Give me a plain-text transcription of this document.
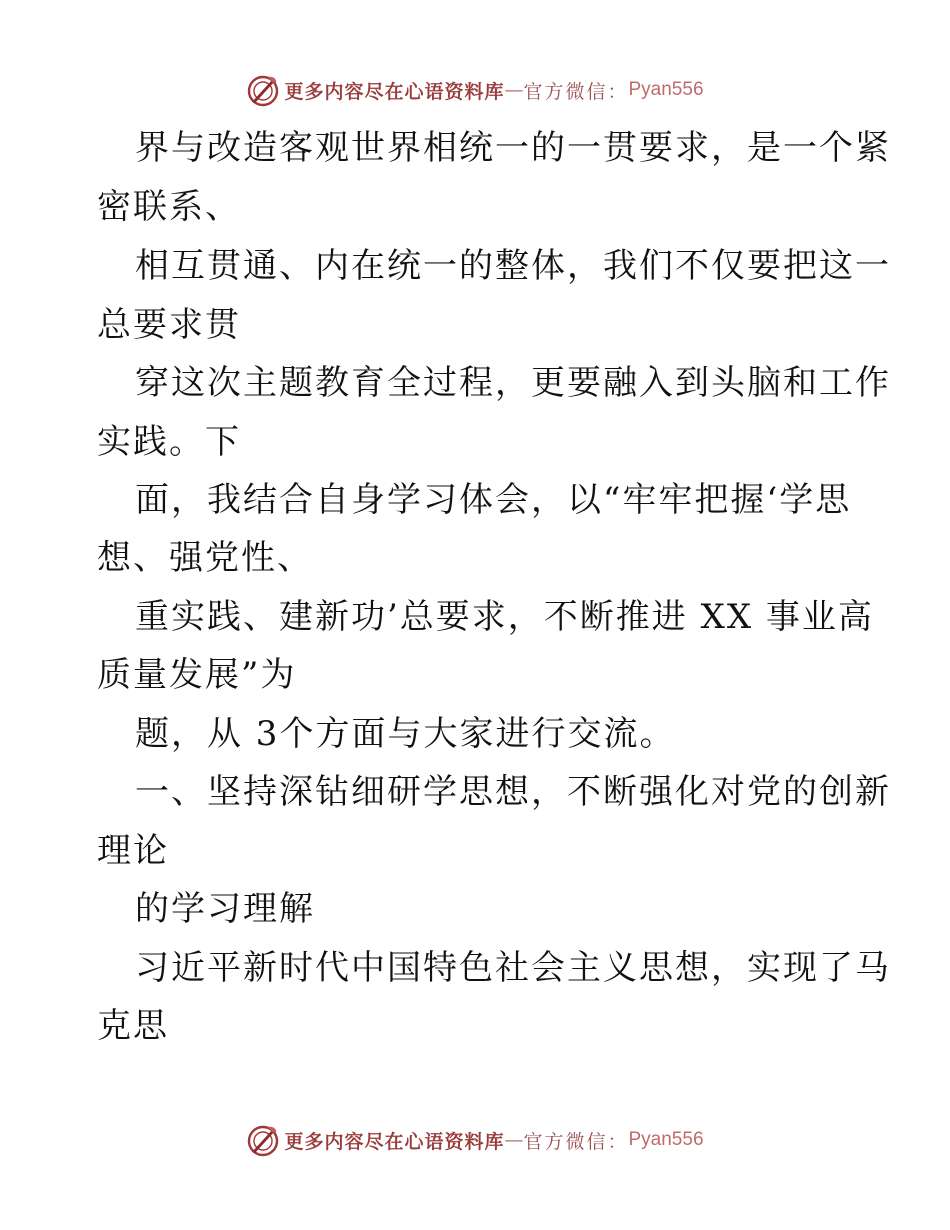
更多内容尽在心语资料库 — 官方微信： Pyan556
界与改造客观世界相统一的一贯要求，是一个紧
密联系、
相互贯通、内在统一的整体，我们不仅要把这一
总要求贯
穿这次主题教育全过程，更要融入到头脑和工作
实践。下
面，我结合自身学习体会，以“牢牢把握‘学思
想、强党性、
重实践、建新功’总要求，不断推进 XX 事业高
质量发展”为
题，从 3个方面与大家进行交流。
一、坚持深钻细研学思想，不断强化对党的创新
理论
的学习理解
习近平新时代中国特色社会主义思想，实现了马
克思
更多内容尽在心语资料库 — 官方微信： Pyan556
